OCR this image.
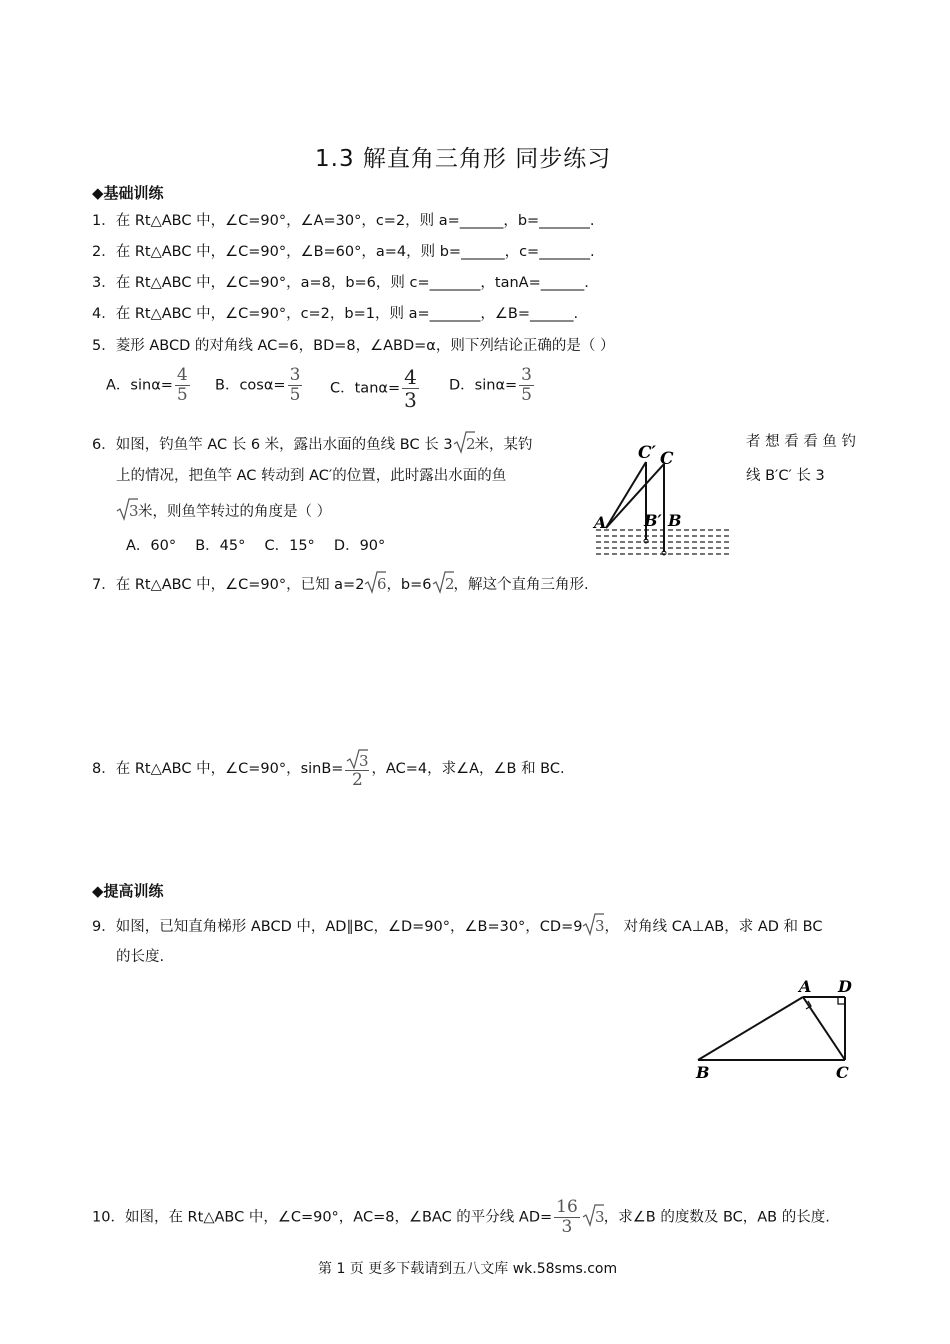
1.3 解直角三角形 同步练习
◆基础训练
1．在 Rt△ABC 中，∠C=90°，∠A=30°，c=2，则 a=______，b=_______.
2．在 Rt△ABC 中，∠C=90°，∠B=60°，a=4，则 b=______，c=_______.
3．在 Rt△ABC 中，∠C=90°，a=8，b=6，则 c=_______，tanA=______.
4．在 Rt△ABC 中，∠C=90°，c=2，b=1，则 a=_______，∠B=______.
5．菱形 ABCD 的对角线 AC=6，BD=8，∠ABD=α，则下列结论正确的是（ ）
A．$\sin\alpha= \frac{4}{5}$ B．$\cos\alpha= \frac{3}{5}$ C．$\tan\alpha= \frac{4}{3}$ D．$\sin\alpha= \frac{3}{5}$
6．如图，钓鱼竿 AC 长 6 米，露出水面的鱼线 BC 长 3 2 米，某钓	者 想 看 看 鱼 钓
上的情况，把鱼竿 AC 转动到 AC′的位置，此时露出水面的鱼	线 B′C′ 长 3
3 米，则鱼竿转过的角度是（ ）
A．60°　 B．45°　 C．15°　 D．90°
C′ C
A B′ B
7．在 Rt△ABC 中，∠C=90°，已知 a=2 6 ，b=6 2 ，解这个直角三角形.
8．在 Rt△ABC 中，∠C=90°，$\sin B= \frac{3}{2}$ ，AC=4，求∠A，∠B 和 BC.
◆提高训练
9．如图，已知直角梯形 ABCD 中，AD∥BC，∠D=90°，∠B=30°，CD=9 3 ， 对角线 CA⊥AB，求 AD 和 BC
的长度.
A D
B	C
10．如图，在 Rt△ABC 中，∠C=90°，AC=8，∠BAC 的平分线 $AD= \frac{16}{3} 3$ ，求∠B 的度数及 BC，AB 的长度.
第 1 页 更多下载请到五八文库 wk.58sms.com
